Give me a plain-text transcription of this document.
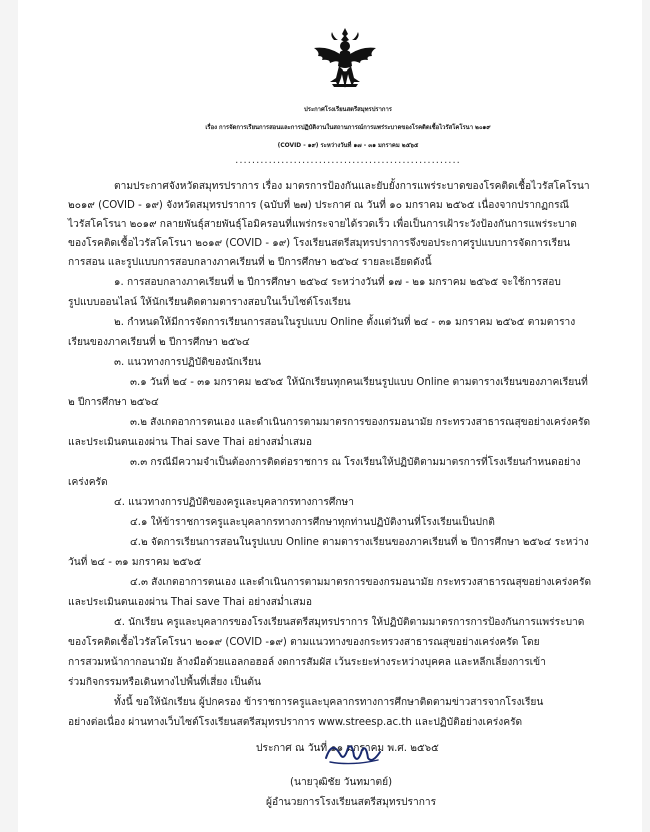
ประกาศโรงเรียนสตรีสมุทรปราการ
เรื่อง การจัดการเรียนการสอนและการปฏิบัติงานในสถานการณ์การแพร่ระบาดของโรคติดเชื้อไวรัสโคโรนา ๒๐๑๙
(COVID - ๑๙) ระหว่างวันที่ ๑๗ - ๓๑ มกราคม ๒๕๖๕
......................................................
ตามประกาศจังหวัดสมุทรปราการ เรื่อง มาตรการป้องกันและยับยั้งการแพร่ระบาดของโรคติดเชื้อไวรัสโคโรนา
๒๐๑๙ (COVID - ๑๙) จังหวัดสมุทรปราการ (ฉบับที่ ๒๗) ประกาศ ณ วันที่ ๑๐ มกราคม ๒๕๖๕ เนื่องจากปรากฏกรณี
ไวรัสโคโรนา ๒๐๑๙ กลายพันธุ์สายพันธุ์โอมิครอนที่แพร่กระจายได้รวดเร็ว เพื่อเป็นการเฝ้าระวังป้องกันการแพร่ระบาด
ของโรคติดเชื้อไวรัสโคโรนา ๒๐๑๙ (COVID - ๑๙) โรงเรียนสตรีสมุทรปราการจึงขอประกาศรูปแบบการจัดการเรียน
การสอน และรูปแบบการสอบกลางภาคเรียนที่ ๒ ปีการศึกษา ๒๕๖๔ รายละเอียดดังนี้
๑. การสอบกลางภาคเรียนที่ ๒ ปีการศึกษา ๒๕๖๔ ระหว่างวันที่ ๑๗ - ๒๑ มกราคม ๒๕๖๕ จะใช้การสอบ
รูปแบบออนไลน์ ให้นักเรียนติดตามตารางสอบในเว็บไซต์โรงเรียน
๒. กำหนดให้มีการจัดการเรียนการสอนในรูปแบบ Online ตั้งแต่วันที่ ๒๔ - ๓๑ มกราคม ๒๕๖๕ ตามตาราง
เรียนของภาคเรียนที่ ๒ ปีการศึกษา ๒๕๖๔
๓. แนวทางการปฏิบัติของนักเรียน
๓.๑ วันที่ ๒๔ - ๓๑ มกราคม ๒๕๖๕ ให้นักเรียนทุกคนเรียนรูปแบบ Online ตามตารางเรียนของภาคเรียนที่
๒ ปีการศึกษา ๒๕๖๔
๓.๒ สังเกตอาการตนเอง และดำเนินการตามมาตรการของกรมอนามัย กระทรวงสาธารณสุขอย่างเคร่งครัด
และประเมินตนเองผ่าน Thai save Thai อย่างสม่ำเสมอ
๓.๓ กรณีมีความจำเป็นต้องการติดต่อราชการ ณ โรงเรียนให้ปฏิบัติตามมาตรการที่โรงเรียนกำหนดอย่าง
เคร่งครัด
๔. แนวทางการปฏิบัติของครูและบุคลากรทางการศึกษา
๔.๑ ให้ข้าราชการครูและบุคลากรทางการศึกษาทุกท่านปฏิบัติงานที่โรงเรียนเป็นปกติ
๔.๒ จัดการเรียนการสอนในรูปแบบ Online ตามตารางเรียนของภาคเรียนที่ ๒ ปีการศึกษา ๒๕๖๔ ระหว่าง
วันที่ ๒๔ - ๓๑ มกราคม ๒๕๖๕
๔.๓ สังเกตอาการตนเอง และดำเนินการตามมาตรการของกรมอนามัย กระทรวงสาธารณสุขอย่างเคร่งครัด
และประเมินตนเองผ่าน Thai save Thai อย่างสม่ำเสมอ
๕. นักเรียน ครูและบุคลากรของโรงเรียนสตรีสมุทรปราการ ให้ปฏิบัติตามมาตรการการป้องกันการแพร่ระบาด
ของโรคติดเชื้อไวรัสโคโรนา ๒๐๑๙ (COVID -๑๙) ตามแนวทางของกระทรวงสาธารณสุขอย่างเคร่งครัด โดย
การสวมหน้ากากอนามัย ล้างมือด้วยแอลกอฮอล์ งดการสัมผัส เว้นระยะห่างระหว่างบุคคล และหลีกเลี่ยงการเข้า
ร่วมกิจกรรมหรือเดินทางไปพื้นที่เสี่ยง เป็นต้น
ทั้งนี้ ขอให้นักเรียน ผู้ปกครอง ข้าราชการครูและบุคลากรทางการศึกษาติดตามข่าวสารจากโรงเรียน
อย่างต่อเนื่อง ผ่านทางเว็บไซต์โรงเรียนสตรีสมุทรปราการ www.streesp.ac.th และปฏิบัติอย่างเคร่งครัด
ประกาศ ณ วันที่ ๑๑ มกราคม พ.ศ. ๒๕๖๕
(นายวุฒิชัย วันทมาตย์)
ผู้อำนวยการโรงเรียนสตรีสมุทรปราการ
